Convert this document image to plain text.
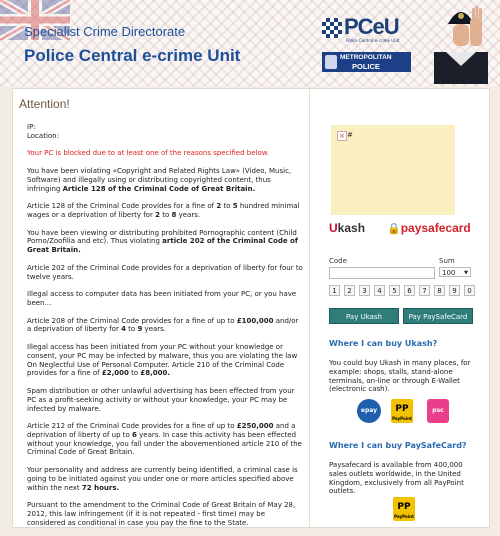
Specialist Crime Directorate
Police Central e-crime Unit
PCeU
Police Central e-crime Unit
METROPOLITAN
POLICE
Attention!

IP:

Location:

Your PC is blocked due to at least one of the reasons specified below.

You have been violating «Copyright and Related Rights Law» (Video, Music, Software) and illegally using or distributing copyrighted content, thus infringing Article 128 of the Criminal Code of Great Britain.

Article 128 of the Criminal Code provides for a fine of 2 to 5 hundred minimal wages or a deprivation of liberty for 2 to 8 years.

You have been viewing or distributing prohibited Pornographic content (Child Porno/Zoofilia and etc). Thus violating article 202 of the Criminal Code of Great Britain.

Article 202 of the Criminal Code provides for a deprivation of liberty for four to twelve years.

Illegal access to computer data has been initiated from your PC, or you have been...

Article 208 of the Criminal Code provides for a fine of up to £100,000 and/or a deprivation of liberty for 4 to 9 years.

Illegal access has been initiated from your PC without your knowledge or consent, your PC may be infected by malware, thus you are violating the law On Neglectful Use of Personal Computer. Article 210 of the Criminal Code provides for a fine of £2,000 to £8,000.

Spam distribution or other unlawful advertising has been effected from your PC as a profit-seeking activity or without your knowledge, your PC may be infected by malware.

Article 212 of the Criminal Code provides for a fine of up to £250,000 and a deprivation of liberty of up to 6 years. In case this activity has been effected without your knowledge, you fall under the abovementioned article 210 of the Criminal Code of Great Britain.

Your personality and address are currently being identified, a criminal case is going to be initiated against you under one or more articles specified above within the next 72 hours.

Pursuant to the amendment to the Criminal Code of Great Britain of May 28, 2012, this law infringement (if it is not repeated - first time) may be considered as conditional in case you pay the fine to the State.

× #
Ukash 🔒paysafecard
Code	Sum
100 ▼
1	2	3	4	5	6	7	8	9	0
Pay Ukash	Pay PaySafeCard
Where I can buy Ukash?
You could buy Ukash in many places, for example: shops, stalls, stand-alone terminals, on-line or through E-Wallet (electronic cash).
epay	PP
PayPoint
psc
Where I can buy PaySafeCard?
Paysafecard is available from 400,000 sales outlets worldwide, in the United Kingdom, exclusively from all PayPoint outlets.
PP
PayPoint
